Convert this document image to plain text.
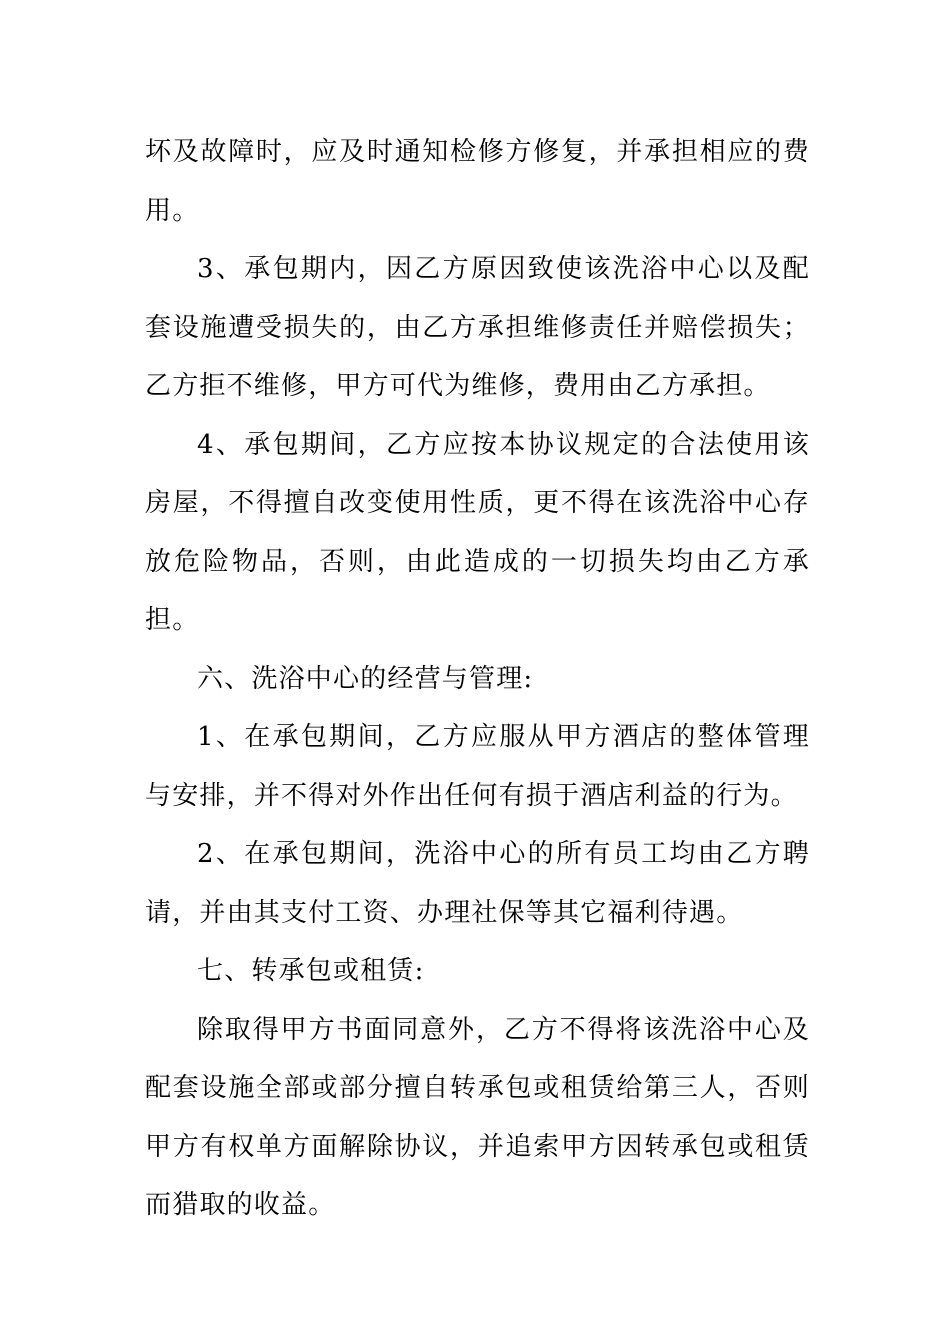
坏及故障时，应及时通知检修方修复，并承担相应的费用。

3、承包期内，因乙方原因致使该洗浴中心以及配套设施遭受损失的，由乙方承担维修责任并赔偿损失；乙方拒不维修，甲方可代为维修，费用由乙方承担。

4、承包期间，乙方应按本协议规定的合法使用该房屋，不得擅自改变使用性质，更不得在该洗浴中心存放危险物品，否则，由此造成的一切损失均由乙方承担。

六、洗浴中心的经营与管理:

1、在承包期间，乙方应服从甲方酒店的整体管理与安排，并不得对外作出任何有损于酒店利益的行为。

2、在承包期间，洗浴中心的所有员工均由乙方聘请，并由其支付工资、办理社保等其它福利待遇。

七、转承包或租赁:

除取得甲方书面同意外，乙方不得将该洗浴中心及配套设施全部或部分擅自转承包或租赁给第三人，否则甲方有权单方面解除协议，并追索甲方因转承包或租赁而猎取的收益。
